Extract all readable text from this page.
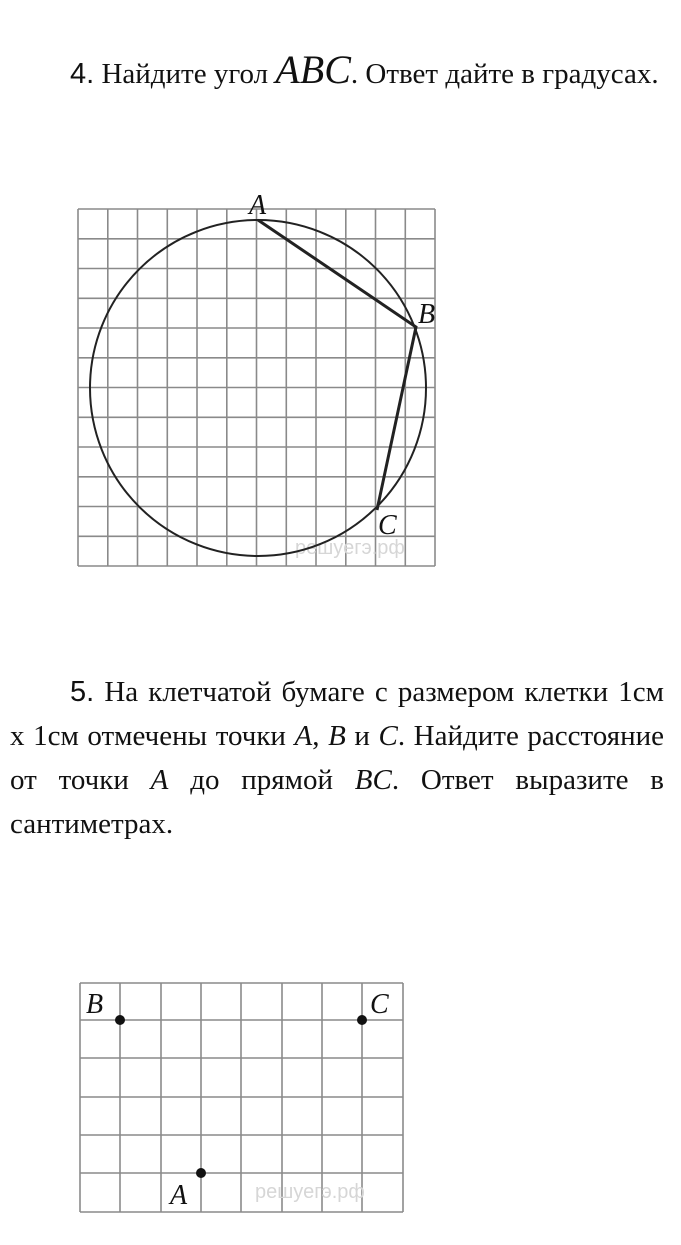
4. Найдите угол ABC. Ответ дайте в градусах.
решуегэ.рф
A
B
C
5. На клетчатой бумаге с размером клетки 1см x 1см отмечены точки A, B и C. Найдите расстояние от точки A до прямой BC. Ответ выразите в сантиметрах.
решуегэ.рф
B	C
A
